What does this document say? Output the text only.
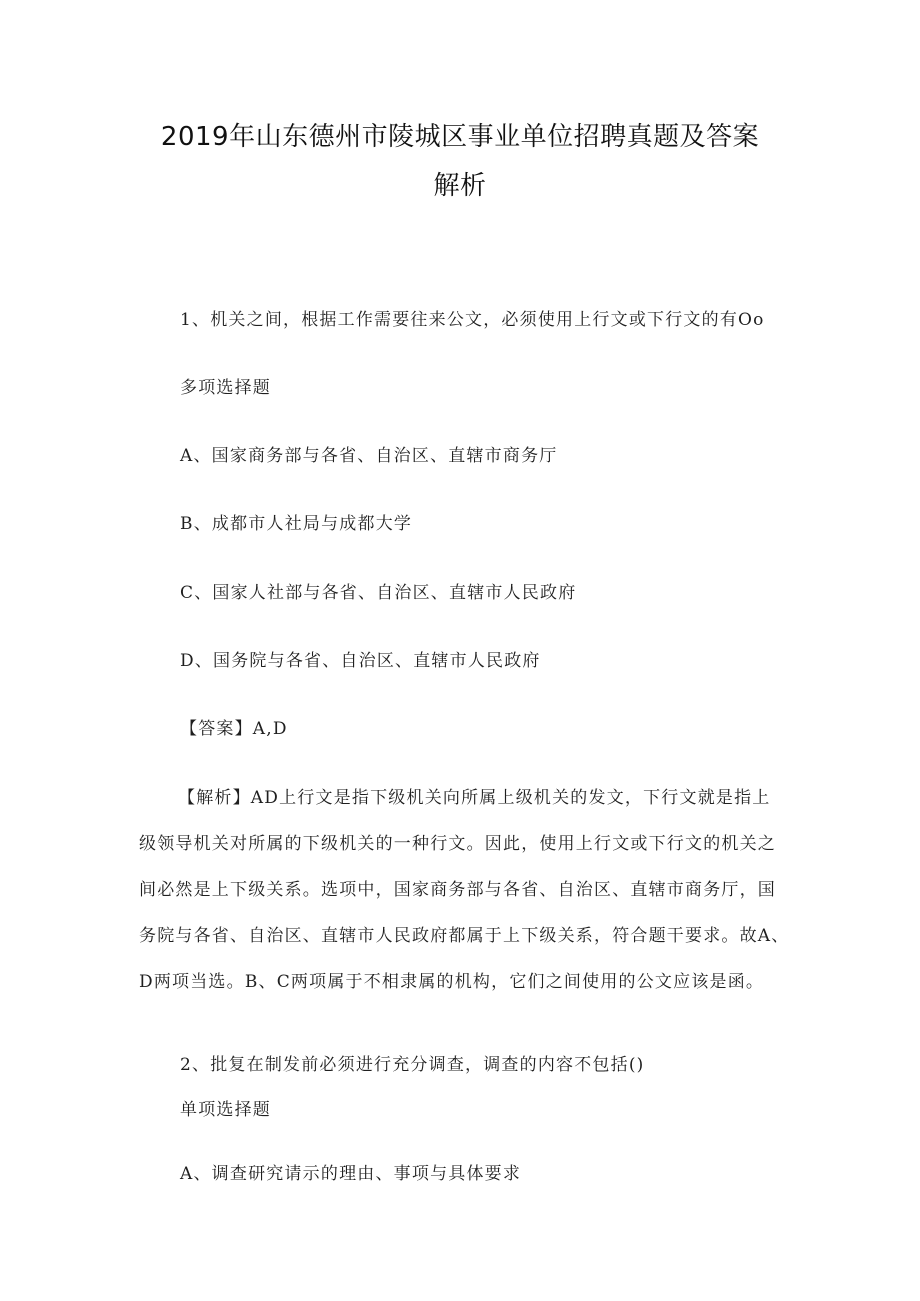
2019年山东德州市陵城区事业单位招聘真题及答案
解析
1、机关之间，根据工作需要往来公文，必须使用上行文或下行文的有Oo
多项选择题
A、国家商务部与各省、自治区、直辖市商务厅
B、成都市人社局与成都大学
C、国家人社部与各省、自治区、直辖市人民政府
D、国务院与各省、自治区、直辖市人民政府
【答案】A,D
【解析】AD上行文是指下级机关向所属上级机关的发文，下行文就是指上
级领导机关对所属的下级机关的一种行文。因此，使用上行文或下行文的机关之
间必然是上下级关系。选项中，国家商务部与各省、自治区、直辖市商务厅，国
务院与各省、自治区、直辖市人民政府都属于上下级关系，符合题干要求。故A、
D两项当选。B、C两项属于不相隶属的机构，它们之间使用的公文应该是函。
2、批复在制发前必须进行充分调查，调查的内容不包括()
单项选择题
A、调查研究请示的理由、事项与具体要求
